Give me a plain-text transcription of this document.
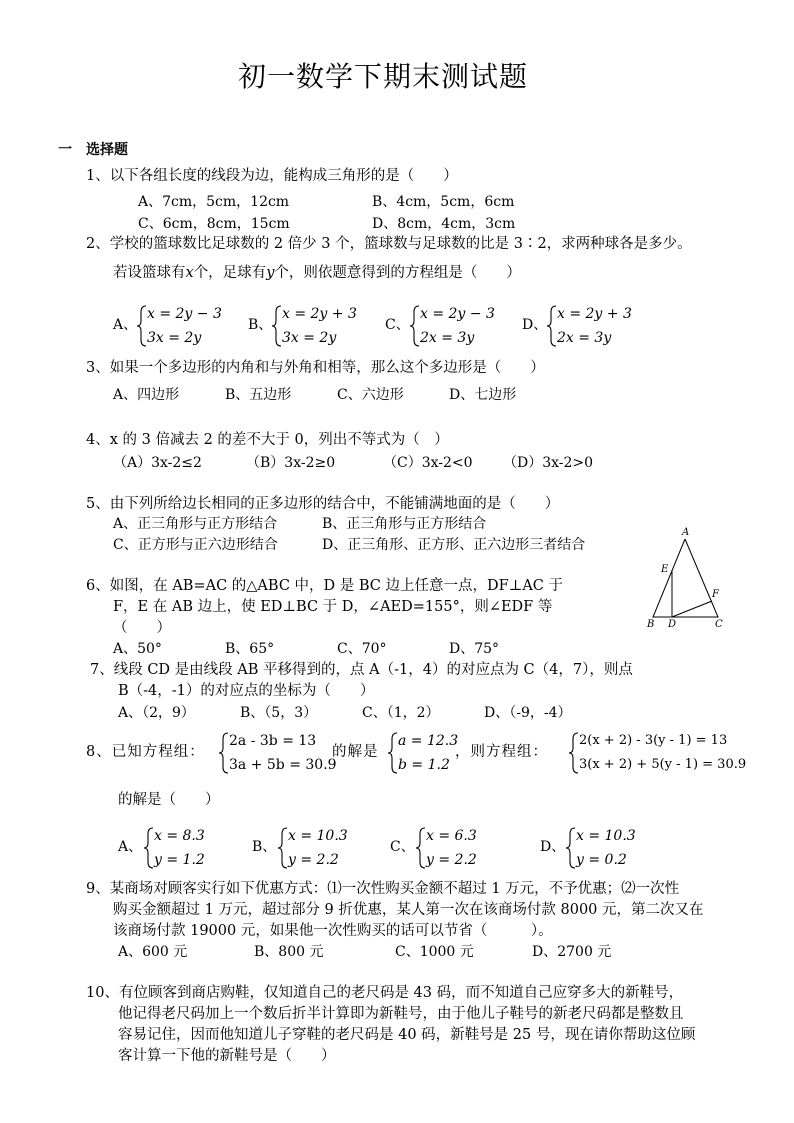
初一数学下期末测试题
一　选择题
1、以下各组长度的线段为边，能构成三角形的是（　　）
A、7cm，5cm，12cm	B、4cm，5cm，6cm
C、6cm，8cm，15cm	D、8cm，4cm，3cm
2、学校的篮球数比足球数的 2 倍少 3 个，篮球数与足球数的比是 3∶2，求两种球各是多少。
若设篮球有x个，足球有y个，则依题意得到的方程组是（　　）
A、
x = 2y − 3
3x = 2y
B、
x = 2y + 3
3x = 2y
C、
x = 2y − 3
2x = 3y
D、
x = 2y + 3
2x = 3y
3、如果一个多边形的内角和与外角和相等，那么这个多边形是（　　）
A、四边形	B、五边形	C、六边形	D、七边形
4、x 的 3 倍减去 2 的差不大于 0，列出不等式为（　）
（A）3x-2≤2	（B）3x-2≥0	（C）3x-2<0 （D）3x-2>0
5、由下列所给边长相同的正多边形的结合中，不能铺满地面的是（　　）
A、正三角形与正方形结合	B、正三角形与正方形结合
C、正方形与正六边形结合	D、正三角形、正方形、正六边形三者结合
A
E
F
B D	C
6、如图，在 AB=AC 的△ABC 中，D 是 BC 边上任意一点，DF⊥AC 于
F，E 在 AB 边上，使 ED⊥BC 于 D，∠AED=155°，则∠EDF 等
（　　）
A、50°	B、65°	C、70°	D、75°
7、线段 CD 是由线段 AB 平移得到的，点 A（-1，4）的对应点为 C（4，7），则点
B（-4，-1）的对应点的坐标为（　　）
A、（2，9）	B、（5，3）	C、（1，2）	D、（-9，-4）
8、已知方程组：
2a - 3b = 13
3a + 5b = 30.9
的解是
a = 12.3
b = 1.2
，则方程组：
2(x + 2) - 3(y - 1) = 13
3(x + 2) + 5(y - 1) = 30.9
的解是（　　）
A、
x = 8.3
y = 1.2
B、
x = 10.3
y = 2.2
C、
x = 6.3
y = 2.2
D、
x = 10.3
y = 0.2
9、某商场对顾客实行如下优惠方式：⑴一次性购买金额不超过 1 万元，不予优惠；⑵一次性
购买金额超过 1 万元，超过部分 9 折优惠，某人第一次在该商场付款 8000 元，第二次又在
该商场付款 19000 元，如果他一次性购买的话可以节省（　　　）。
A、600 元	B、800 元	C、1000 元	D、2700 元
10、有位顾客到商店购鞋，仅知道自己的老尺码是 43 码，而不知道自己应穿多大的新鞋号，
他记得老尺码加上一个数后折半计算即为新鞋号，由于他儿子鞋号的新老尺码都是整数且
容易记住，因而他知道儿子穿鞋的老尺码是 40 码，新鞋号是 25 号，现在请你帮助这位顾
客计算一下他的新鞋号是（　　）
